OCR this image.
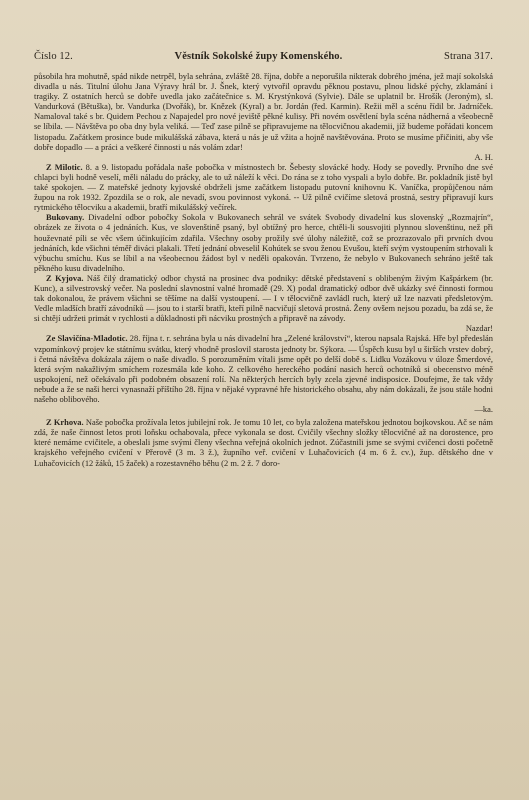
Číslo 12.	Věstník Sokolské župy Komenského.	Strana 317.

působila hra mohutně, spád nikde netrpěl, byla sehrána, zvláště 28. října, dobře a neporušila nikterak dobrého jména, jež mají sokolská divadla u nás. Titulní úlohu Jana Výravy hrál br. J. Šnek, který vytvořil opravdu pěknou postavu, plnou lidské pýchy, zklamání i tragiky. Z ostatních herců se dobře uvedla jako začátečnice s. M. Krystýnková (Sylvie). Dále se uplatnil br. Hrošík (Jeroným), sl. Vandurková (Bětuška), br. Vandurka (Dvořák), br. Knězek (Kyral) a br. Jordán (řed. Karmin). Režii měl a scénu řídil br. Jadrníček. Namaloval také s br. Quidem Pechou z Napajedel pro nové jeviště pěkné kulisy. Při novém osvětlení byla scéna nádherná a všeobecně se líbila. — Návštěva po oba dny byla veliká. — Teď zase pilně se připravujeme na tělocvičnou akademii, jíž budeme pořádati koncem listopadu. Začátkem prosince bude mikulášská zábava, která u nás je už vžita a hojně navštěvována. Proto se musíme přičiniti, aby vše dobře dopadlo — a práci a veškeré činnosti u nás volám zdar!

A. H.

Z Milotic. 8. a 9. listopadu pořádala naše pobočka v místnostech br. Šebesty slovácké hody. Hody se povedly. Prvního dne své chlapci byli hodně veselí, měli náladu do prácky, ale to už náleží k věci. Do rána se z toho vyspali a bylo dobře. Br. pokladník jistě byl také spokojen. — Z mateřské jednoty kyjovské obdrželi jsme začátkem listopadu putovní knihovnu K. Vaníčka, propůjčenou nám župou na rok 1932. Zpozdila se o rok, ale nevadí, svou povinnost vykoná. -- Už pilně cvičíme sletová prostná, sestry připravují kurs rytmického tělocviku a akademii, bratří mikulášský večírek.

Bukovany. Divadelní odbor pobočky Sokola v Bukovanech sehrál ve svátek Svobody divadelní kus slovenský „Rozmajrín“, obrázek ze života o 4 jednáních. Kus, ve slovenštině psaný, byl obtížný pro herce, chtěli-li sousvojiti plynnou slovenštinu, než při houževnaté píli se věc všem účinkujícím zdařila. Všechny osoby prožily své úlohy náležitě, což se prozrazovalo při prvních dvou jednáních, kde všichni téměř diváci plakali. Třetí jednání obveselil Kohútek se svou ženou Evušou, kteří svým vystoupením strhovali k výbuchu smíchu. Kus se líbil a na všeobecnou žádost byl v neděli opakován. Tvrzeno, že nebylo v Bukovanech sehráno ještě tak pěkného kusu divadelního.

Z Kyjova. Náš čilý dramatický odbor chystá na prosinec dva podniky: dětské představení s oblibeným živým Kašpárkem (br. Kunc), a silvestrovský večer. Na poslední slavnostní valné hromadě (29. X) podal dramatický odbor dvě ukázky své činnosti formou tak dokonalou, že právem všichni se těšíme na další vystoupení. — I v tělocvičně zavládl ruch, který už lze nazvati předsletovým. Vedle mladších bratří závodníků — jsou to i starší bratři, kteří pilně nacvičují sletová prostná. Ženy ovšem nejsou pozadu, ba zdá se, že si chtějí udržeti primát v rychlosti a důkladnosti při nácviku prostných a připravě na závody.

Nazdar!

Ze Slavičína-Mladotic. 28. října t. r. sehrána byla u nás divadelní hra „Zelené království“, kterou napsala Rajská. Hře byl předeslán vzpomínkový projev ke státnímu svátku, který vhodně proslovil starosta jednoty br. Sýkora. — Úspěch kusu byl u širších vrstev dobrý, i četná návštěva dokázala zájem o naše divadlo. S porozuměním vítali jsme opět po delší době s. Lidku Vozákovu v úloze Šmerdové, která svým nakažlivým smíchem rozesmála kde koho. Z celkového hereckého podání nasich herců ochotníků si obecenstvo méně uspokojení, než očekávalo při podobném obsazení rolí. Na některých hercích byly zcela zjevné indisposice. Doufejme, že tak vždy nebude a že se naši herci vynasnaží příštího 28. října v nějaké vypravné hře historického obsahu, aby nám dokázali, že jsou stále hodni našeho oblibového.

—ka.

Z Krhova. Naše pobočka prožívala letos jubilejní rok. Je tomu 10 let, co byla založena mateřskou jednotou bojkovskou. Ač se nám zdá, že naše činnost letos proti loňsku ochabovala, přece vykonala se dost. Cvičily všechny složky tělocvičné až na dorostence, pro které nemáme cvičitele, a obeslali jsme svými členy všechna veřejná okolních jednot. Zúčastnili jsme se svými cvičenci dosti početně krajského veřejného cvičení v Přerově (3 m. 3 ž.), župního veř. cvičení v Luhačovicích (4 m. 6 ž. cv.), žup. dětského dne v Luhačovicích (12 žáků, 15 žaček) a rozestavného běhu (2 m. 2 ž. 7 doro-
